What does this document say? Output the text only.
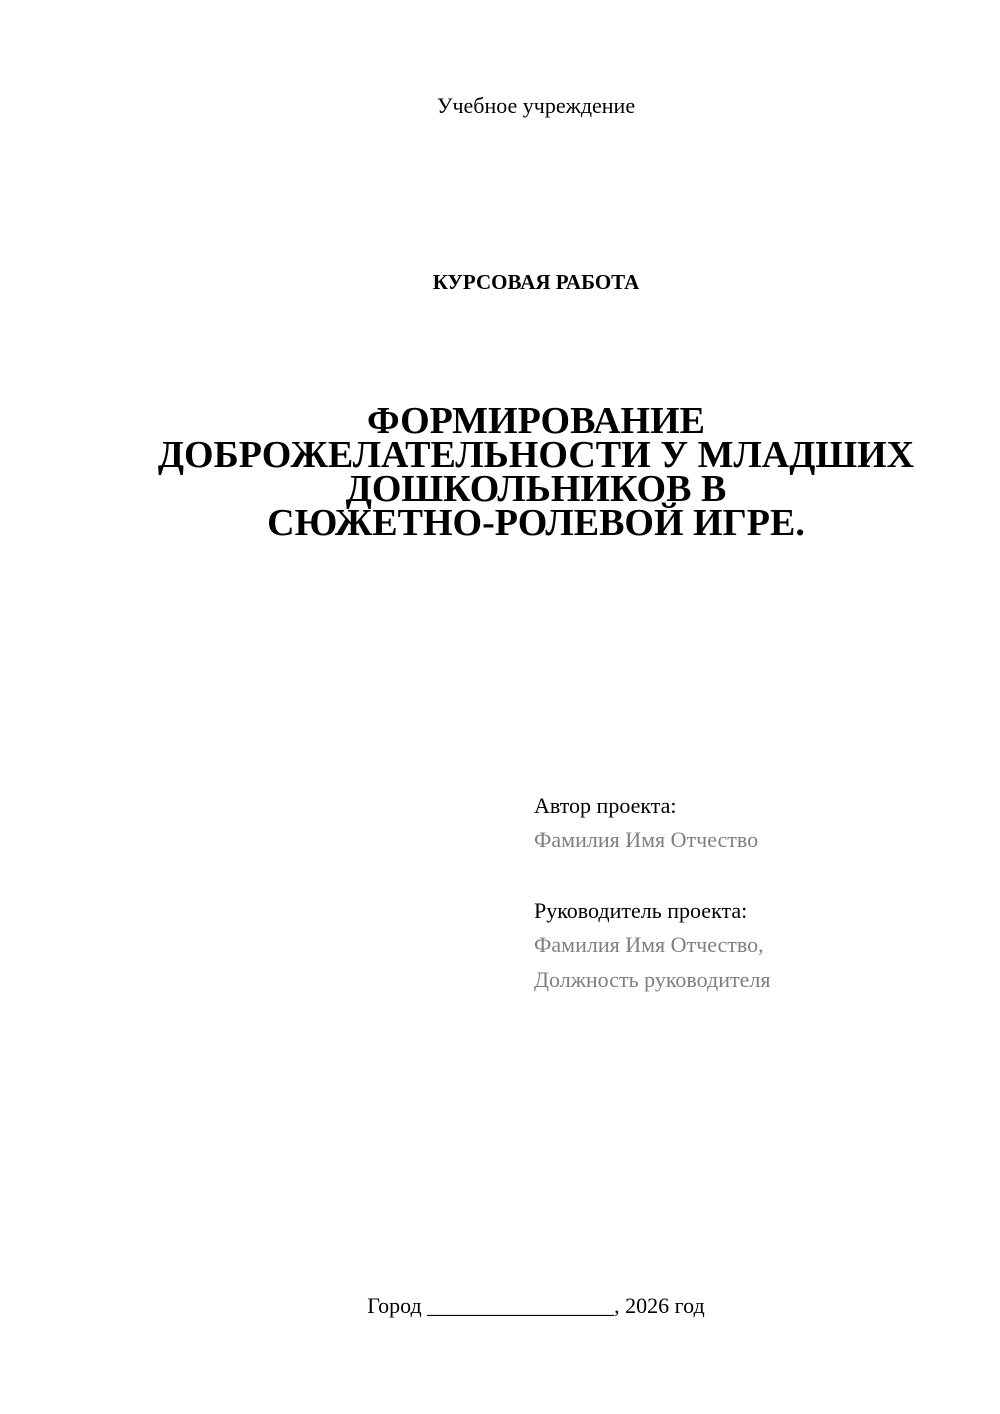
Учебное учреждение
КУРСОВАЯ РАБОТА
ФОРМИРОВАНИЕ
ДОБРОЖЕЛАТЕЛЬНОСТИ У МЛАДШИХ
ДОШКОЛЬНИКОВ В
СЮЖЕТНО-РОЛЕВОЙ ИГРЕ.
Автор проекта:
Фамилия Имя Отчество
Руководитель проекта:
Фамилия Имя Отчество,
Должность руководителя
Город _________________, 2026 год
